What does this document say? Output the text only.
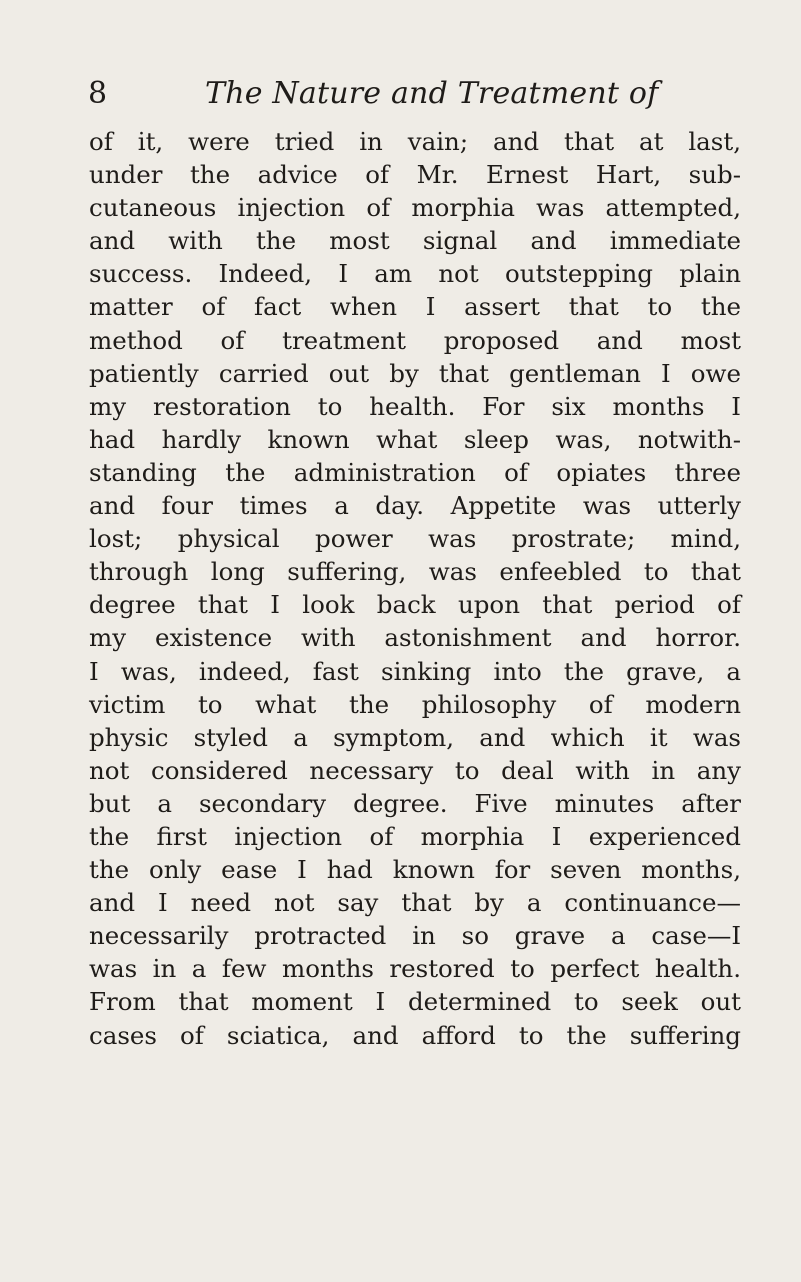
8	The Nature and Treatment of
of it, were tried in vain; and that at last,
under the advice of Mr. Ernest Hart, sub-
cutaneous injection of morphia was attempted,
and with the most signal and immediate
success. Indeed, I am not outstepping plain
matter of fact when I assert that to the
method of treatment proposed and most
patiently carried out by that gentleman I owe
my restoration to health. For six months I
had hardly known what sleep was, notwith-
standing the administration of opiates three
and four times a day. Appetite was utterly
lost; physical power was prostrate; mind,
through long suffering, was enfeebled to that
degree that I look back upon that period of
my existence with astonishment and horror.
I was, indeed, fast sinking into the grave, a
victim to what the philosophy of modern
physic styled a symptom, and which it was
not considered necessary to deal with in any
but a secondary degree. Five minutes after
the first injection of morphia I experienced
the only ease I had known for seven months,
and I need not say that by a continuance—
necessarily protracted in so grave a case—I
was in a few months restored to perfect health.
From that moment I determined to seek out
cases of sciatica, and afford to the suffering
